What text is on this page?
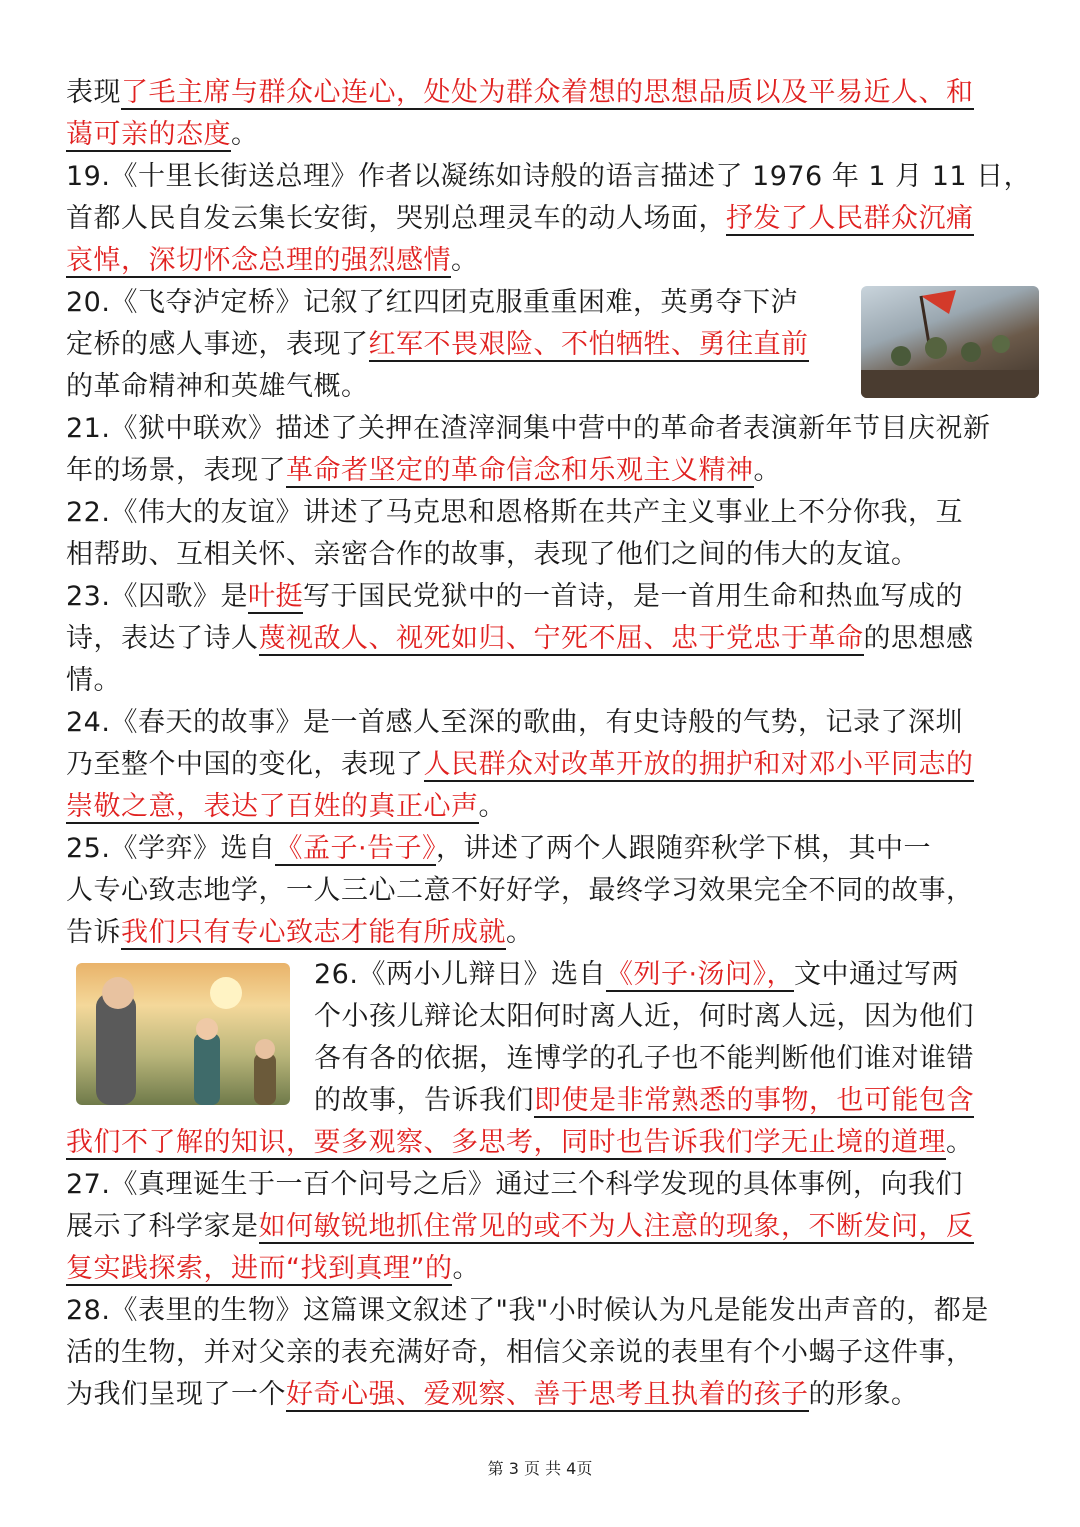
表现了毛主席与群众心连心，处处为群众着想的思想品质以及平易近人、和
蔼可亲的态度。
19.《十里长街送总理》作者以凝练如诗般的语言描述了 1976 年 1 月 11 日，
首都人民自发云集长安街，哭别总理灵车的动人场面，抒发了人民群众沉痛
哀悼，深切怀念总理的强烈感情。
20.《飞夺泸定桥》记叙了红四团克服重重困难，英勇夺下泸
定桥的感人事迹，表现了红军不畏艰险、不怕牺牲、勇往直前
的革命精神和英雄气概。
21.《狱中联欢》描述了关押在渣滓洞集中营中的革命者表演新年节目庆祝新
年的场景，表现了革命者坚定的革命信念和乐观主义精神。
22.《伟大的友谊》讲述了马克思和恩格斯在共产主义事业上不分你我，互
相帮助、互相关怀、亲密合作的故事，表现了他们之间的伟大的友谊。
23.《囚歌》是叶挺写于国民党狱中的一首诗，是一首用生命和热血写成的
诗，表达了诗人蔑视敌人、视死如归、宁死不屈、忠于党忠于革命的思想感
情。
24.《春天的故事》是一首感人至深的歌曲，有史诗般的气势，记录了深圳
乃至整个中国的变化，表现了人民群众对改革开放的拥护和对邓小平同志的
崇敬之意，表达了百姓的真正心声。
25.《学弈》选自《孟子·告子》，讲述了两个人跟随弈秋学下棋，其中一
人专心致志地学，一人三心二意不好好学，最终学习效果完全不同的故事，
告诉我们只有专心致志才能有所成就。
26.《两小儿辩日》选自《列子·汤问》，文中通过写两
个小孩儿辩论太阳何时离人近，何时离人远，因为他们
各有各的依据，连博学的孔子也不能判断他们谁对谁错
的故事，告诉我们即使是非常熟悉的事物，也可能包含
我们不了解的知识，要多观察、多思考，同时也告诉我们学无止境的道理。
27.《真理诞生于一百个问号之后》通过三个科学发现的具体事例，向我们
展示了科学家是如何敏锐地抓住常见的或不为人注意的现象，不断发问，反
复实践探索，进而“找到真理”的。
28.《表里的生物》这篇课文叙述了"我"小时候认为凡是能发出声音的，都是
活的生物，并对父亲的表充满好奇，相信父亲说的表里有个小蝎子这件事，
为我们呈现了一个好奇心强、爱观察、善于思考且执着的孩子的形象。
第 3 页 共 4页
